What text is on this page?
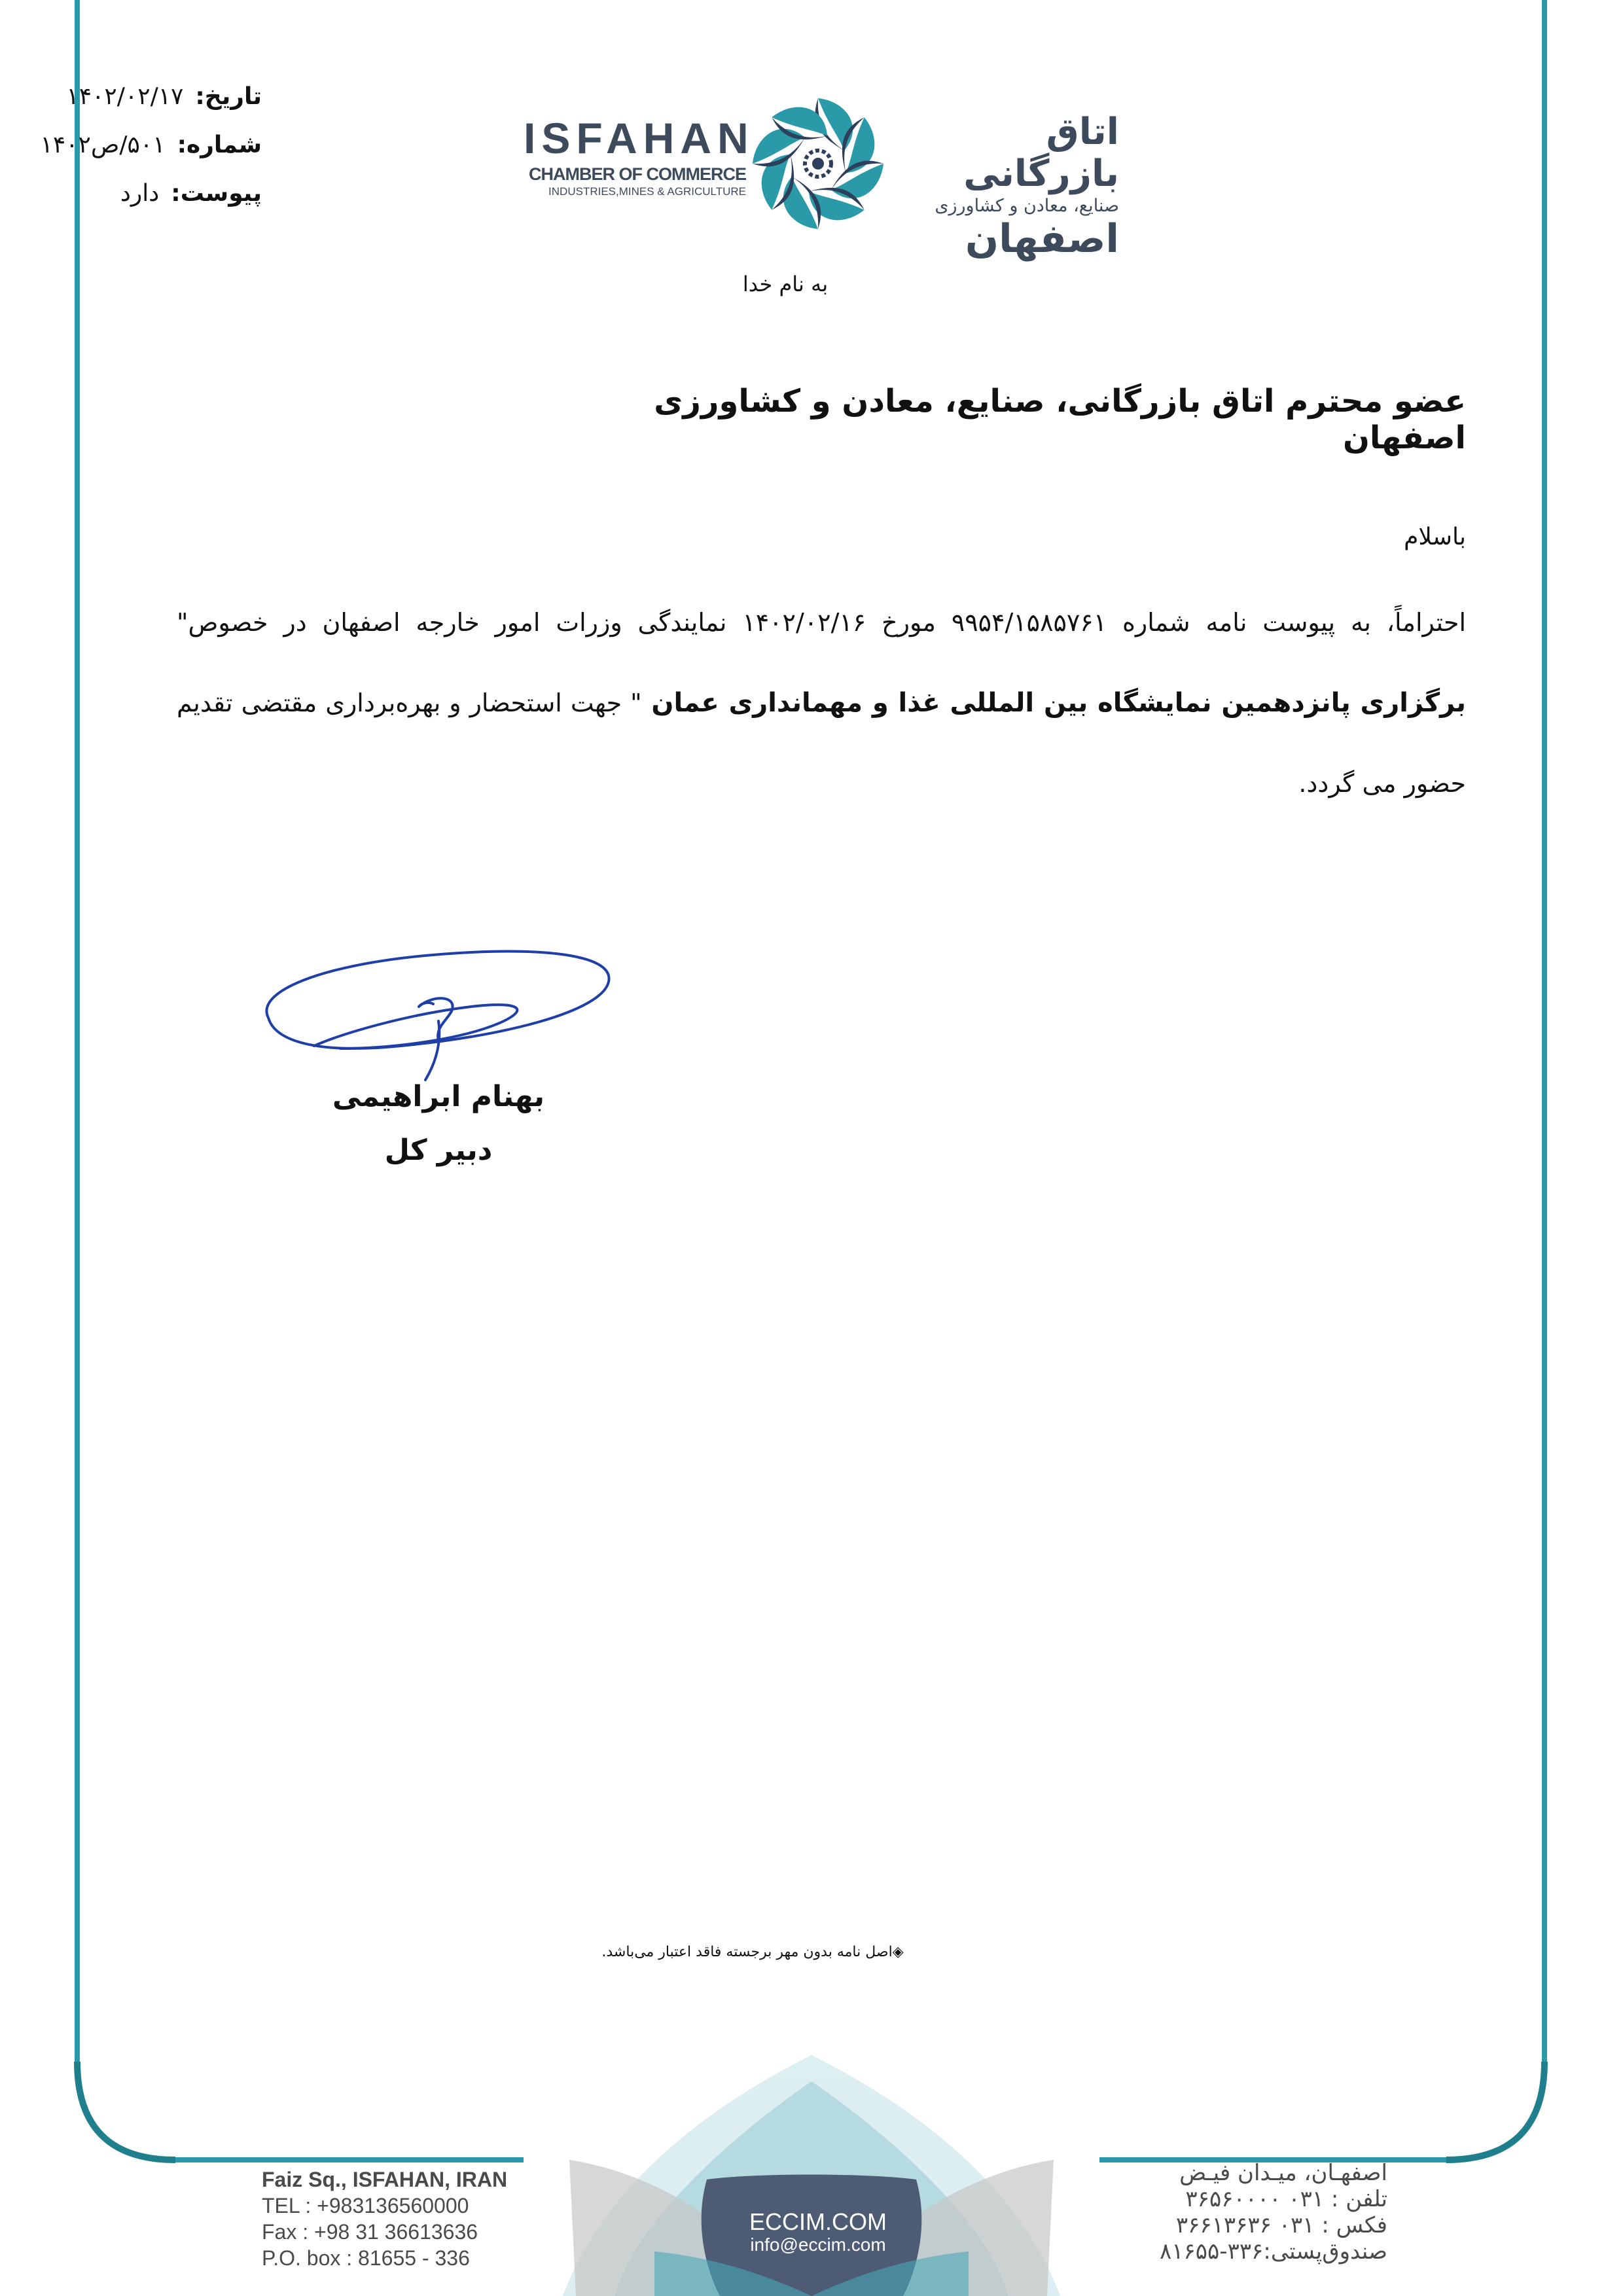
تاریخ:
۱۴۰۲/۰۲/۱۷
شماره:
۵۰۱/ص۱۴۰۲
پیوست:
دارد
ISFAHAN
CHAMBER OF COMMERCE
INDUSTRIES,MINES & AGRICULTURE
اتاق بازرگانی
صنایع، معادن و کشاورزی
اصفهان
به نام خدا
عضو محترم اتاق بازرگانی، صنایع، معادن و کشاورزی اصفهان
باسلام
احتراماً، به پیوست نامه شماره ۹۹۵۴/۱۵۸۵۷۶۱ مورخ ۱۴۰۲/۰۲/۱۶ نمایندگی وزرات امور خارجه اصفهان در خصوص" برگزاری پانزدهمین نمایشگاه بین المللی غذا و مهمانداری عمان " جهت استحضار و بهره‌برداری مقتضی تقدیم حضور می گردد.
بهنام ابراهیمی
دبیر کل
◈اصل نامه بدون مهر برجسته فاقد اعتبار می‌باشد.
Faiz Sq., ISFAHAN, IRAN
TEL : +983136560000
Fax : +98 31 36613636
P.O. box : 81655 - 336
ECCIM.COM
info@eccim.com
اصفهـان، میـدان فیـض
تلفن : ۰۳۱ ۳۶۵۶۰۰۰۰
فکس : ۰۳۱ ۳۶۶۱۳۶۳۶
صندوق‌پستی:۳۳۶-۸۱۶۵۵
